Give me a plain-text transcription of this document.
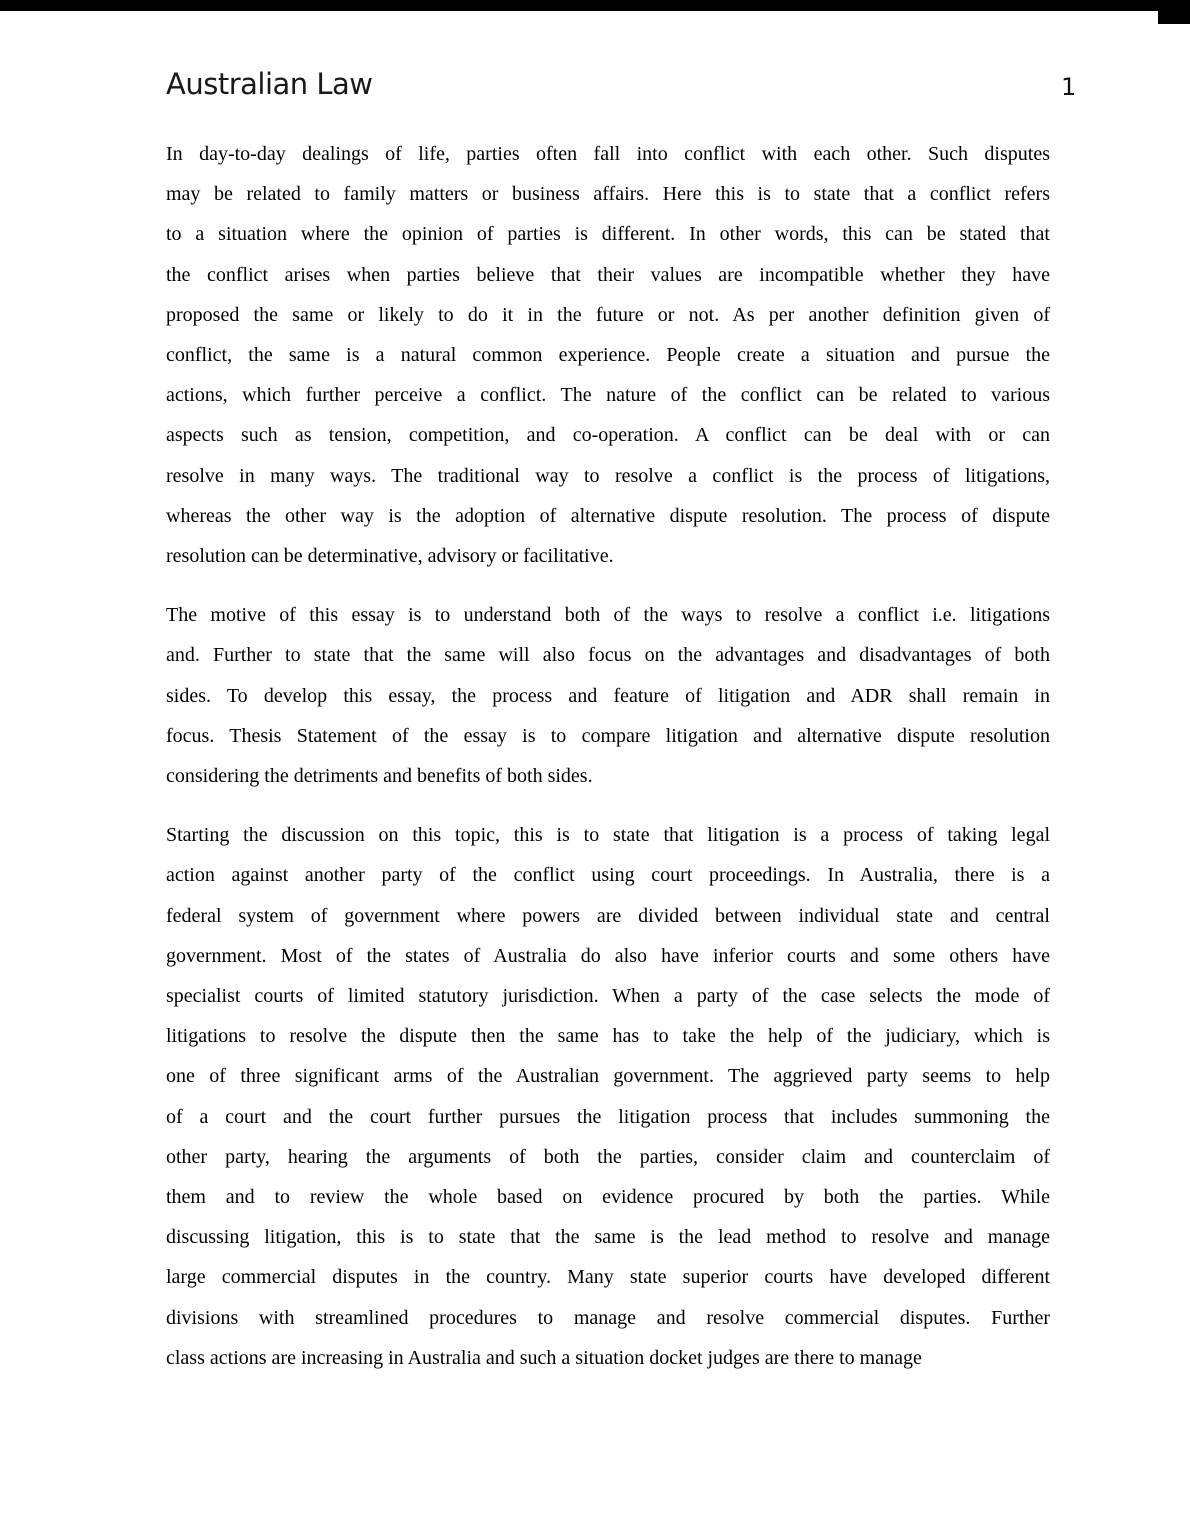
Australian Law	1
In day-to-day dealings of life, parties often fall into conflict with each other. Such disputes
may be related to family matters or business affairs. Here this is to state that a conflict refers
to a situation where the opinion of parties is different. In other words, this can be stated that
the conflict arises when parties believe that their values are incompatible whether they have
proposed the same or likely to do it in the future or not. As per another definition given of
conflict, the same is a natural common experience. People create a situation and pursue the
actions, which further perceive a conflict. The nature of the conflict can be related to various
aspects such as tension, competition, and co-operation. A conflict can be deal with or can
resolve in many ways. The traditional way to resolve a conflict is the process of litigations,
whereas the other way is the adoption of alternative dispute resolution. The process of dispute
resolution can be determinative, advisory or facilitative.
The motive of this essay is to understand both of the ways to resolve a conflict i.e. litigations
and. Further to state that the same will also focus on the advantages and disadvantages of both
sides. To develop this essay, the process and feature of litigation and ADR shall remain in
focus. Thesis Statement of the essay is to compare litigation and alternative dispute resolution
considering the detriments and benefits of both sides.
Starting the discussion on this topic, this is to state that litigation is a process of taking legal
action against another party of the conflict using court proceedings. In Australia, there is a
federal system of government where powers are divided between individual state and central
government. Most of the states of Australia do also have inferior courts and some others have
specialist courts of limited statutory jurisdiction. When a party of the case selects the mode of
litigations to resolve the dispute then the same has to take the help of the judiciary, which is
one of three significant arms of the Australian government. The aggrieved party seems to help
of a court and the court further pursues the litigation process that includes summoning the
other party, hearing the arguments of both the parties, consider claim and counterclaim of
them and to review the whole based on evidence procured by both the parties. While
discussing litigation, this is to state that the same is the lead method to resolve and manage
large commercial disputes in the country. Many state superior courts have developed different
divisions with streamlined procedures to manage and resolve commercial disputes. Further
class actions are increasing in Australia and such a situation docket judges are there to manage
